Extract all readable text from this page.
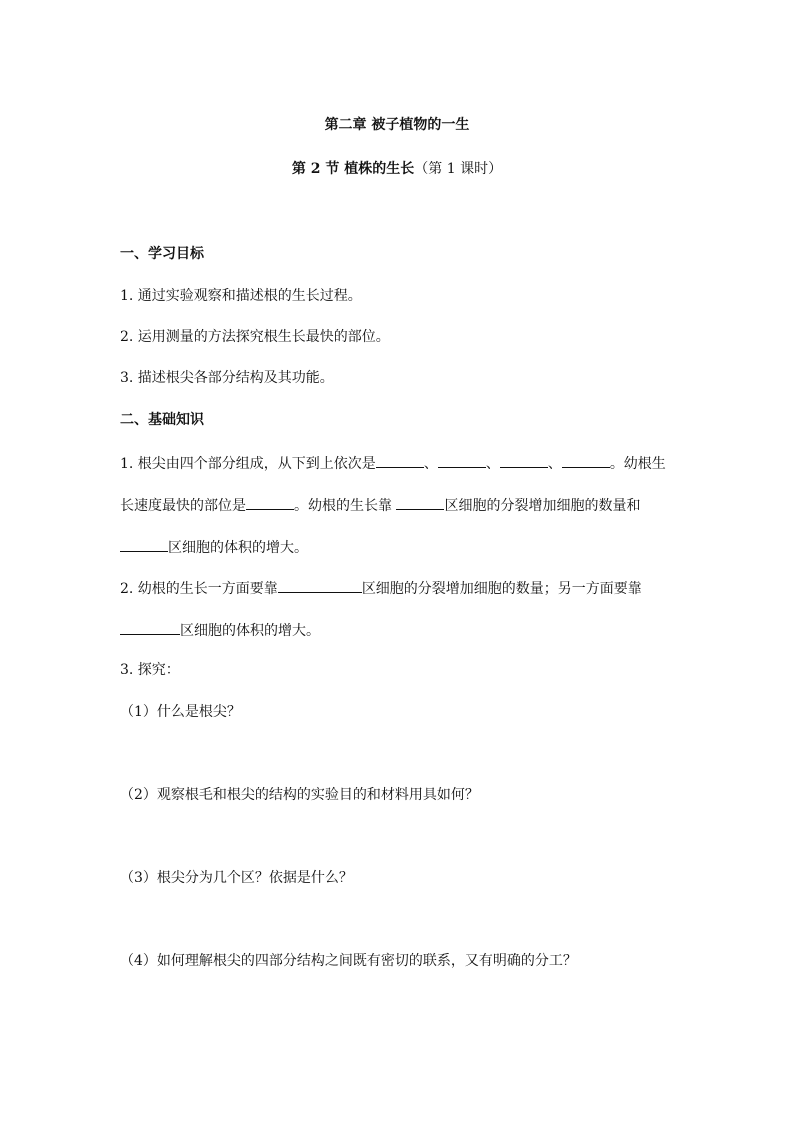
第二章 被子植物的一生
第 2 节 植株的生长（第 1 课时）
一、学习目标
1. 通过实验观察和描述根的生长过程。
2. 运用测量的方法探究根生长最快的部位。
3. 描述根尖各部分结构及其功能。
二、基础知识
1. 根尖由四个部分组成，从下到上依次是	、	、	、	。幼根生
长速度最快的部位是	。幼根的生长靠	区细胞的分裂增加细胞的数量和
区细胞的体积的增大。
2. 幼根的生长一方面要靠	区细胞的分裂增加细胞的数量；另一方面要靠
区细胞的体积的增大。
3. 探究：
（1）什么是根尖？
（2）观察根毛和根尖的结构的实验目的和材料用具如何？
（3）根尖分为几个区？依据是什么？
（4）如何理解根尖的四部分结构之间既有密切的联系，又有明确的分工？
